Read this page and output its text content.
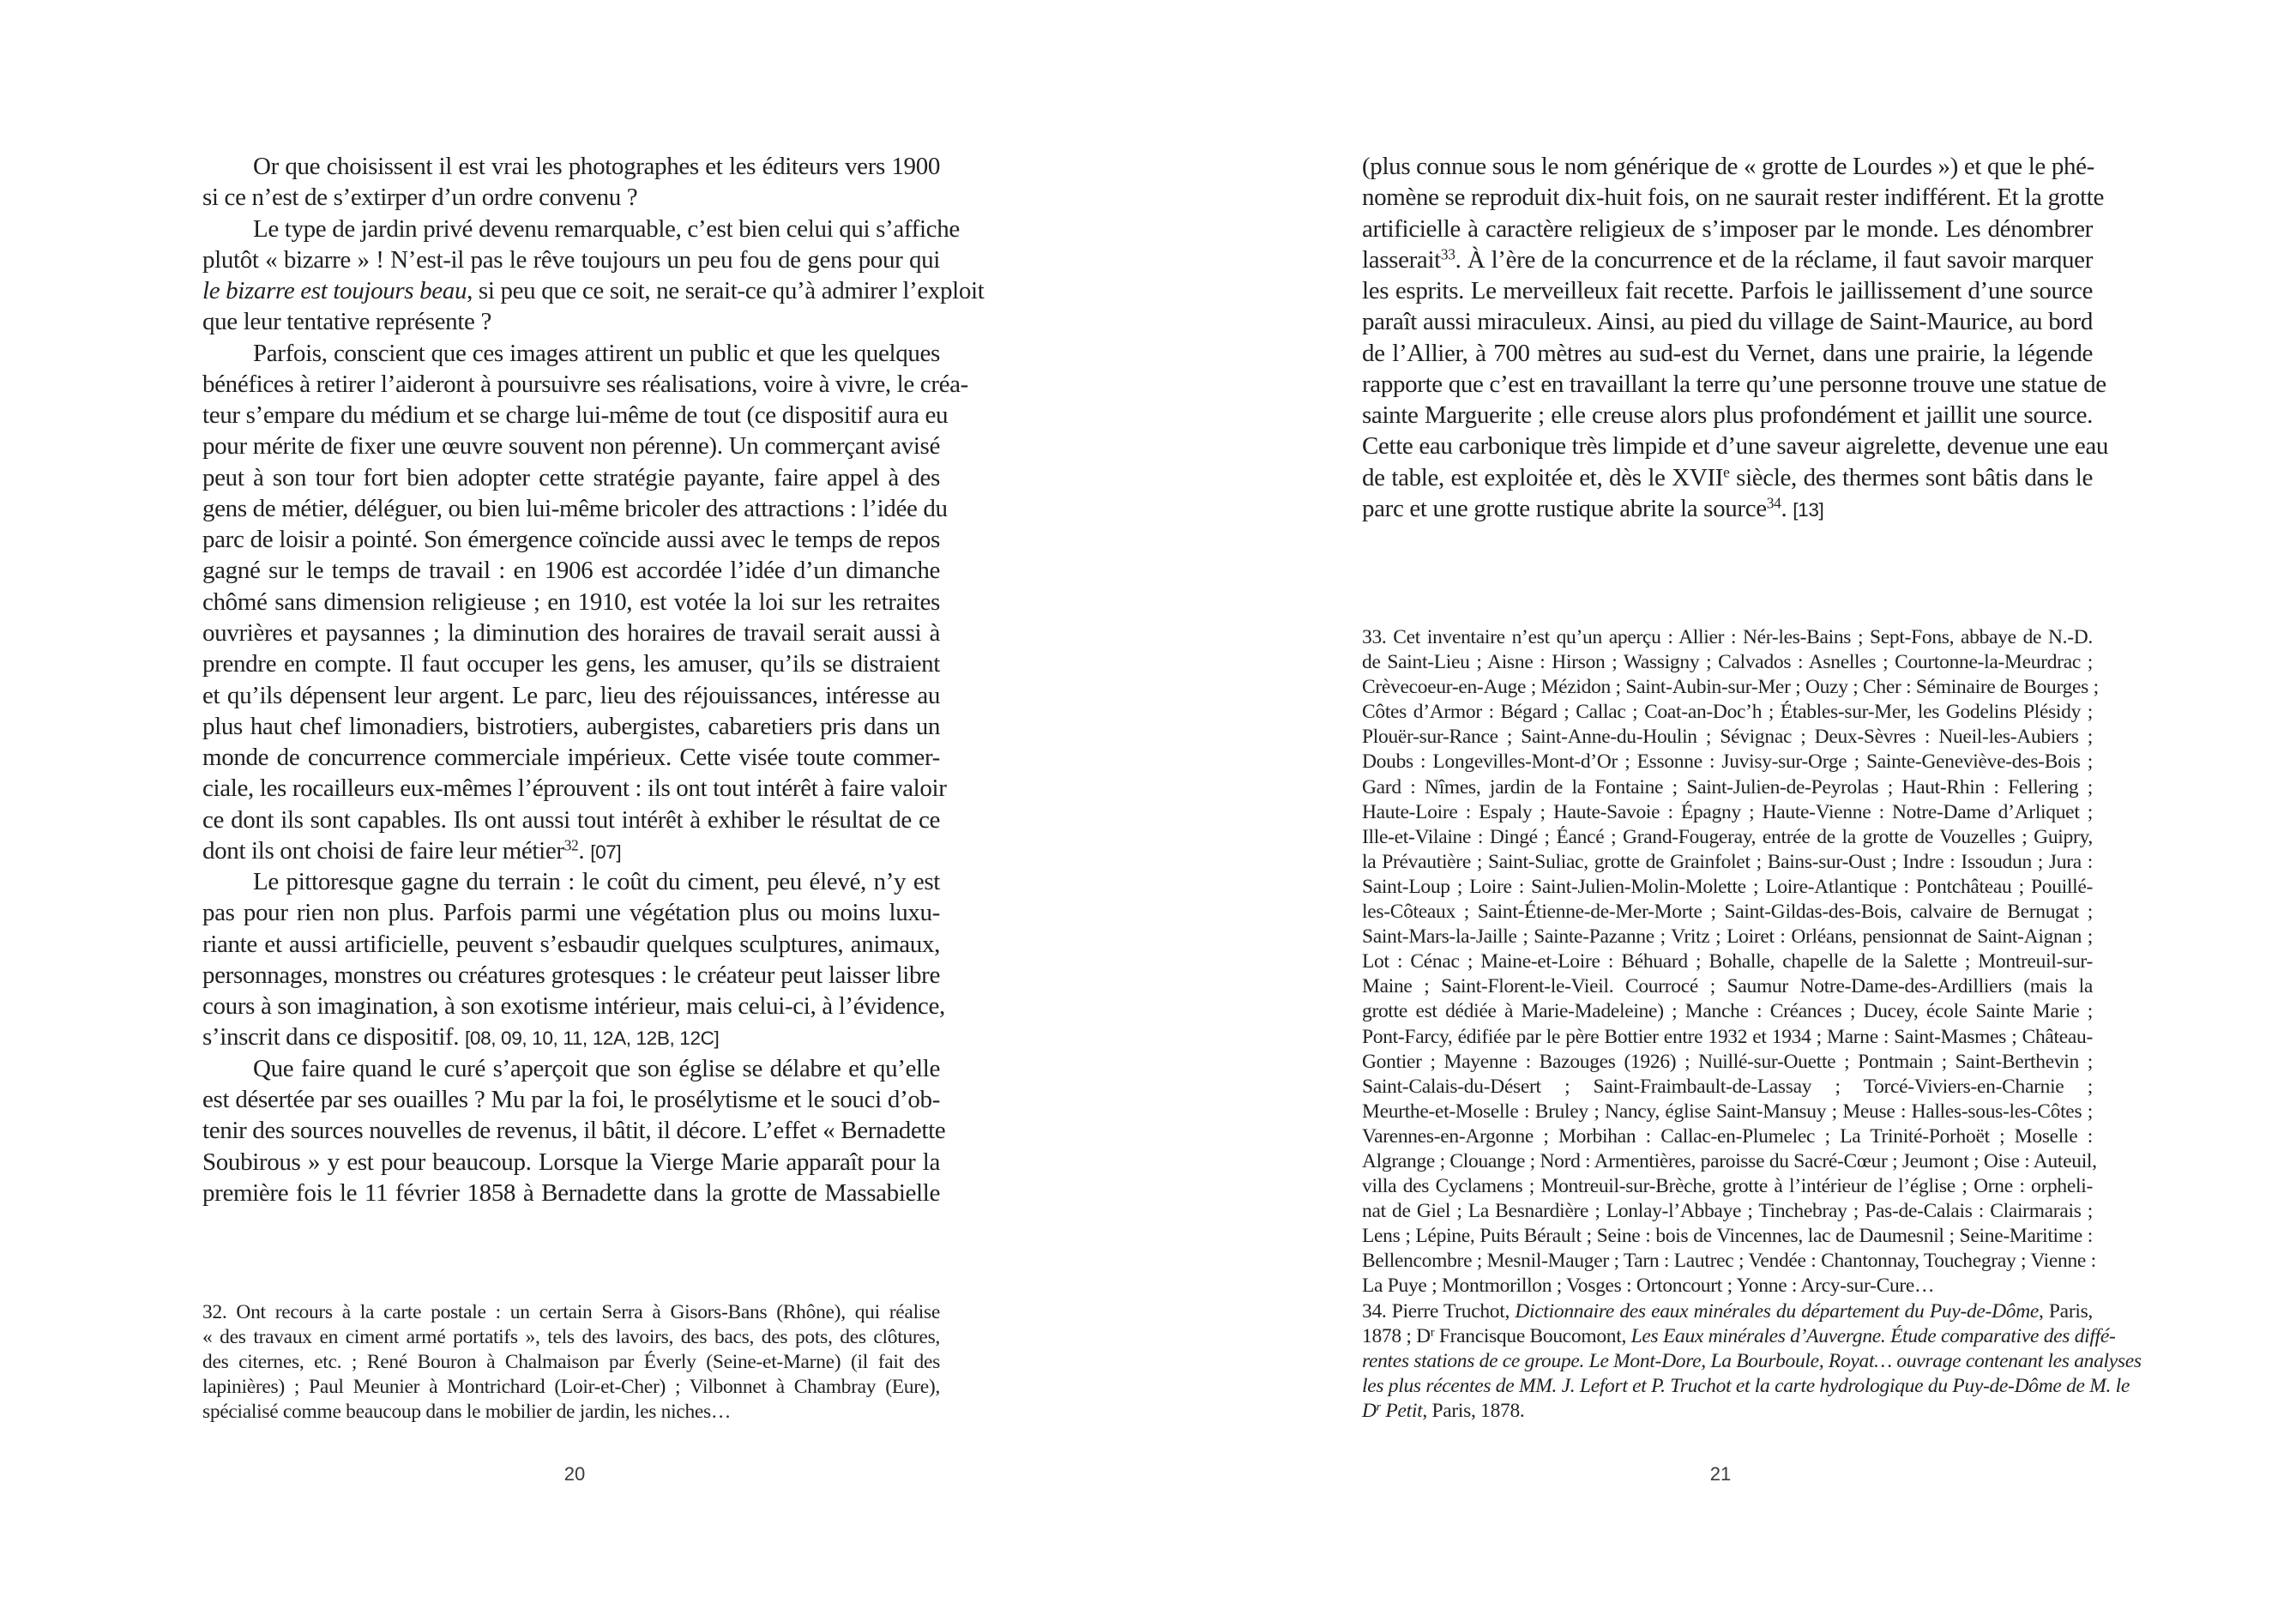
Or que choisissent il est vrai les photographes et les éditeurs vers 1900
si ce n’est de s’extirper d’un ordre convenu ?
Le type de jardin privé devenu remarquable, c’est bien celui qui s’affiche
plutôt « bizarre » ! N’est-il pas le rêve toujours un peu fou de gens pour qui
le bizarre est toujours beau, si peu que ce soit, ne serait-ce qu’à admirer l’exploit
que leur tentative représente ?
Parfois, conscient que ces images attirent un public et que les quelques
bénéfices à retirer l’aideront à poursuivre ses réalisations, voire à vivre, le créa-
teur s’empare du médium et se charge lui-même de tout (ce dispositif aura eu
pour mérite de fixer une œuvre souvent non pérenne). Un commerçant avisé
peut à son tour fort bien adopter cette stratégie payante, faire appel à des
gens de métier, déléguer, ou bien lui-même bricoler des attractions : l’idée du
parc de loisir a pointé. Son émergence coïncide aussi avec le temps de repos
gagné sur le temps de travail : en 1906 est accordée l’idée d’un dimanche
chômé sans dimension religieuse ; en 1910, est votée la loi sur les retraites
ouvrières et paysannes ; la diminution des horaires de travail serait aussi à
prendre en compte. Il faut occuper les gens, les amuser, qu’ils se distraient
et qu’ils dépensent leur argent. Le parc, lieu des réjouissances, intéresse au
plus haut chef limonadiers, bistrotiers, aubergistes, cabaretiers pris dans un
monde de concurrence commerciale impérieux. Cette visée toute commer-
ciale, les rocailleurs eux-mêmes l’éprouvent : ils ont tout intérêt à faire valoir
ce dont ils sont capables. Ils ont aussi tout intérêt à exhiber le résultat de ce
dont ils ont choisi de faire leur métier$^{32}$. [07]
Le pittoresque gagne du terrain : le coût du ciment, peu élevé, n’y est
pas pour rien non plus. Parfois parmi une végétation plus ou moins luxu-
riante et aussi artificielle, peuvent s’esbaudir quelques sculptures, animaux,
personnages, monstres ou créatures grotesques : le créateur peut laisser libre
cours à son imagination, à son exotisme intérieur, mais celui-ci, à l’évidence,
s’inscrit dans ce dispositif. [08, 09, 10, 11, 12A, 12B, 12C]
Que faire quand le curé s’aperçoit que son église se délabre et qu’elle
est désertée par ses ouailles ? Mu par la foi, le prosélytisme et le souci d’ob-
tenir des sources nouvelles de revenus, il bâtit, il décore. L’effet « Bernadette
Soubirous » y est pour beaucoup. Lorsque la Vierge Marie apparaît pour la
première fois le 11 février 1858 à Bernadette dans la grotte de Massabielle
32. Ont recours à la carte postale : un certain Serra à Gisors-Bans (Rhône), qui réalise
« des travaux en ciment armé portatifs », tels des lavoirs, des bacs, des pots, des clôtures,
des citernes, etc. ; René Bouron à Chalmaison par Éverly (Seine-et-Marne) (il fait des
lapinières) ; Paul Meunier à Montrichard (Loir-et-Cher) ; Vilbonnet à Chambray (Eure),
spécialisé comme beaucoup dans le mobilier de jardin, les niches…
20
(plus connue sous le nom générique de « grotte de Lourdes ») et que le phé-
nomène se reproduit dix-huit fois, on ne saurait rester indifférent. Et la grotte
artificielle à caractère religieux de s’imposer par le monde. Les dénombrer
lasserait$^{33}$. À l’ère de la concurrence et de la réclame, il faut savoir marquer
les esprits. Le merveilleux fait recette. Parfois le jaillissement d’une source
paraît aussi miraculeux. Ainsi, au pied du village de Saint-Maurice, au bord
de l’Allier, à 700 mètres au sud-est du Vernet, dans une prairie, la légende
rapporte que c’est en travaillant la terre qu’une personne trouve une statue de
sainte Marguerite ; elle creuse alors plus profondément et jaillit une source.
Cette eau carbonique très limpide et d’une saveur aigrelette, devenue une eau
de table, est exploitée et, dès le XVIIe siècle, des thermes sont bâtis dans le
parc et une grotte rustique abrite la source$^{34}$. [13]
33. Cet inventaire n’est qu’un aperçu : Allier : Nér-les-Bains ; Sept-Fons, abbaye de N.-D.
de Saint-Lieu ; Aisne : Hirson ; Wassigny ; Calvados : Asnelles ; Courtonne-la-Meurdrac ;
Crèvecoeur-en-Auge ; Mézidon ; Saint-Aubin-sur-Mer ; Ouzy ; Cher : Séminaire de Bourges ;
Côtes d’Armor : Bégard ; Callac ; Coat-an-Doc’h ; Étables-sur-Mer, les Godelins Plésidy ;
Plouër-sur-Rance ; Saint-Anne-du-Houlin ; Sévignac ; Deux-Sèvres : Nueil-les-Aubiers ;
Doubs : Longevilles-Mont-d’Or ; Essonne : Juvisy-sur-Orge ; Sainte-Geneviève-des-Bois ;
Gard : Nîmes, jardin de la Fontaine ; Saint-Julien-de-Peyrolas ; Haut-Rhin : Fellering ;
Haute-Loire : Espaly ; Haute-Savoie : Épagny ; Haute-Vienne : Notre-Dame d’Arliquet ;
Ille-et-Vilaine : Dingé ; Éancé ; Grand-Fougeray, entrée de la grotte de Vouzelles ; Guipry,
la Prévautière ; Saint-Suliac, grotte de Grainfolet ; Bains-sur-Oust ; Indre : Issoudun ; Jura :
Saint-Loup ; Loire : Saint-Julien-Molin-Molette ; Loire-Atlantique : Pontchâteau ; Pouillé-
les-Côteaux ; Saint-Étienne-de-Mer-Morte ; Saint-Gildas-des-Bois, calvaire de Bernugat ;
Saint-Mars-la-Jaille ; Sainte-Pazanne ; Vritz ; Loiret : Orléans, pensionnat de Saint-Aignan ;
Lot : Cénac ; Maine-et-Loire : Béhuard ; Bohalle, chapelle de la Salette ; Montreuil-sur-
Maine ; Saint-Florent-le-Vieil. Courrocé ; Saumur Notre-Dame-des-Ardilliers (mais la
grotte est dédiée à Marie-Madeleine) ; Manche : Créances ; Ducey, école Sainte Marie ;
Pont-Farcy, édifiée par le père Bottier entre 1932 et 1934 ; Marne : Saint-Masmes ; Château-
Gontier ; Mayenne : Bazouges (1926) ; Nuillé-sur-Ouette ; Pontmain ; Saint-Berthevin ;
Saint-Calais-du-Désert ; Saint-Fraimbault-de-Lassay ; Torcé-Viviers-en-Charnie ;
Meurthe-et-Moselle : Bruley ; Nancy, église Saint-Mansuy ; Meuse : Halles-sous-les-Côtes ;
Varennes-en-Argonne ; Morbihan : Callac-en-Plumelec ; La Trinité-Porhoët ; Moselle :
Algrange ; Clouange ; Nord : Armentières, paroisse du Sacré-Cœur ; Jeumont ; Oise : Auteuil,
villa des Cyclamens ; Montreuil-sur-Brèche, grotte à l’intérieur de l’église ; Orne : orpheli-
nat de Giel ; La Besnardière ; Lonlay-l’Abbaye ; Tinchebray ; Pas-de-Calais : Clairmarais ;
Lens ; Lépine, Puits Bérault ; Seine : bois de Vincennes, lac de Daumesnil ; Seine-Maritime :
Bellencombre ; Mesnil-Mauger ; Tarn : Lautrec ; Vendée : Chantonnay, Touchegray ; Vienne :
La Puye ; Montmorillon ; Vosges : Ortoncourt ; Yonne : Arcy-sur-Cure…
34. Pierre Truchot, Dictionnaire des eaux minérales du département du Puy-de-Dôme, Paris,
1878 ; $D^r$ Francisque Boucomont, Les Eaux minérales d’Auvergne. Étude comparative des diffé-
rentes stations de ce groupe. Le Mont-Dore, La Bourboule, Royat… ouvrage contenant les analyses
les plus récentes de MM. J. Lefort et P. Truchot et la carte hydrologique du Puy-de-Dôme de M. le
$D^r$ Petit, Paris, 1878.
21
